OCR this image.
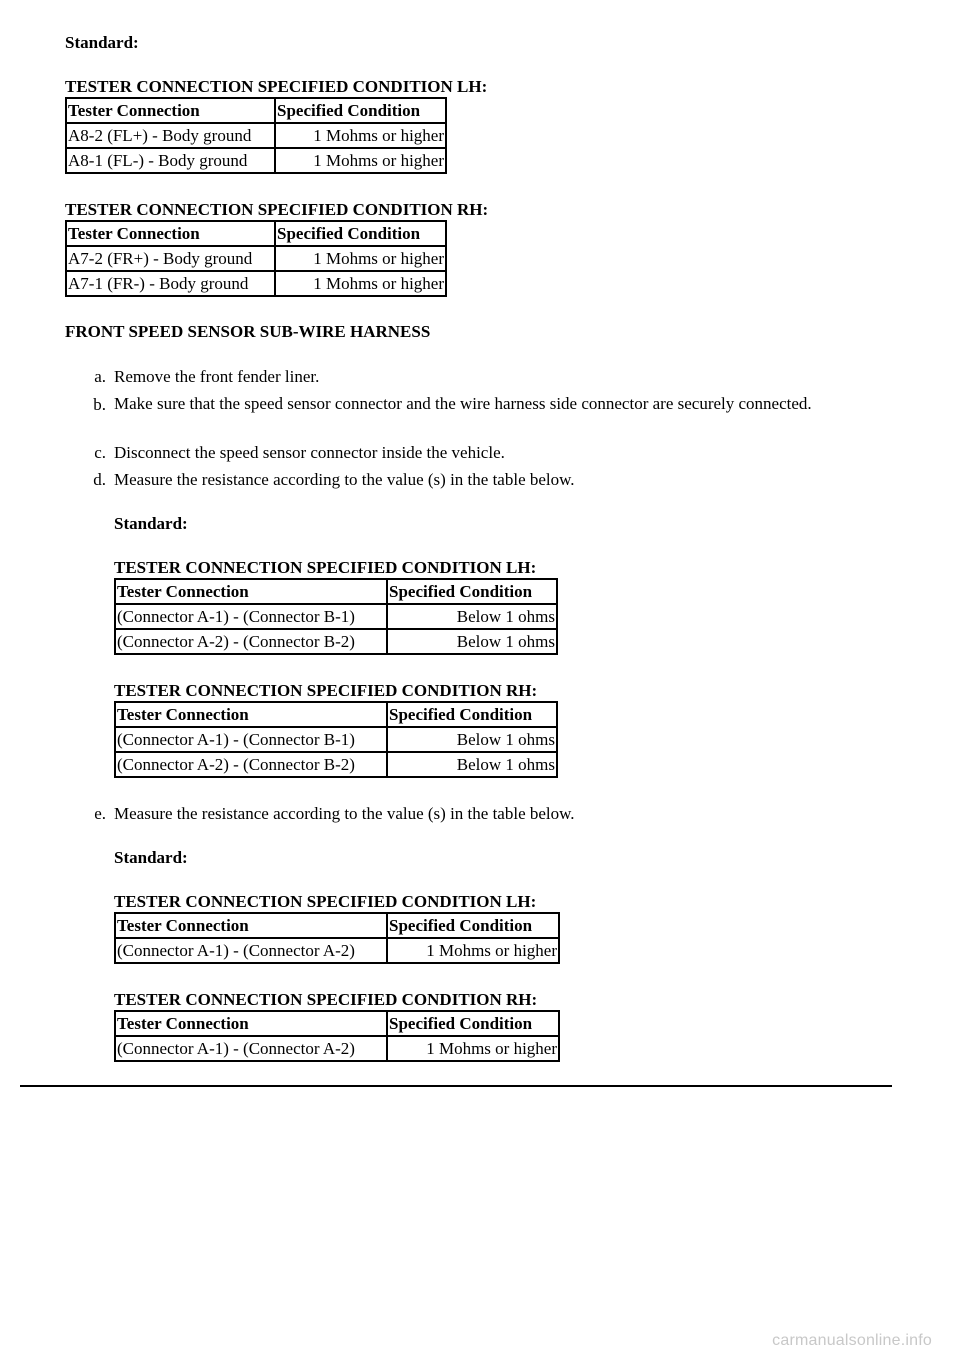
Standard:
TESTER CONNECTION SPECIFIED CONDITION LH:
Tester Connection	Specified Condition
A8-2 (FL+) - Body ground	1 Mohms or higher
A8-1 (FL-) - Body ground	1 Mohms or higher
TESTER CONNECTION SPECIFIED CONDITION RH:
Tester Connection	Specified Condition
A7-2 (FR+) - Body ground	1 Mohms or higher
A7-1 (FR-) - Body ground	1 Mohms or higher
FRONT SPEED SENSOR SUB-WIRE HARNESS
a. Remove the front fender liner.
b. Make sure that the speed sensor connector and the wire harness side connector are securely connected.
c. Disconnect the speed sensor connector inside the vehicle.
d. Measure the resistance according to the value (s) in the table below.
Standard:
TESTER CONNECTION SPECIFIED CONDITION LH:
Tester Connection	Specified Condition
(Connector A-1) - (Connector B-1)	Below 1 ohms
(Connector A-2) - (Connector B-2)	Below 1 ohms
TESTER CONNECTION SPECIFIED CONDITION RH:
Tester Connection	Specified Condition
(Connector A-1) - (Connector B-1)	Below 1 ohms
(Connector A-2) - (Connector B-2)	Below 1 ohms
e. Measure the resistance according to the value (s) in the table below.
Standard:
TESTER CONNECTION SPECIFIED CONDITION LH:
Tester Connection	Specified Condition
(Connector A-1) - (Connector A-2)	1 Mohms or higher
TESTER CONNECTION SPECIFIED CONDITION RH:
Tester Connection	Specified Condition
(Connector A-1) - (Connector A-2)	1 Mohms or higher
carmanualsonline.info
